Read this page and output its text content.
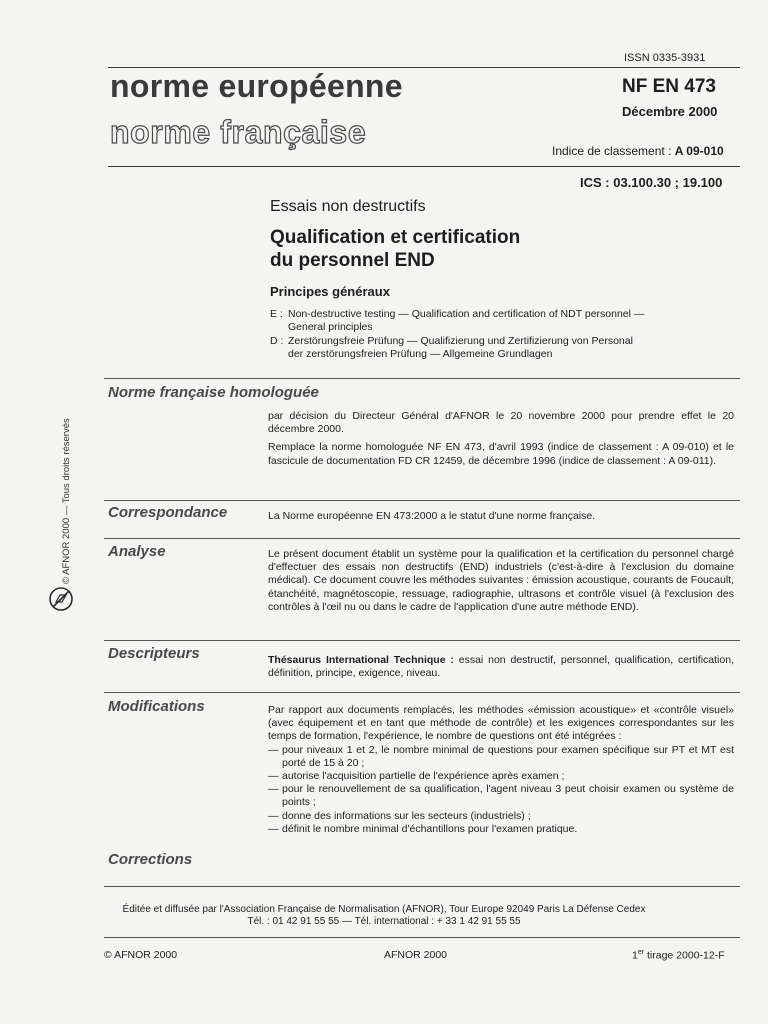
ISSN 0335-3931
norme européenne
norme française
NF EN 473
Décembre 2000
Indice de classement : A 09-010
ICS : 03.100.30 ; 19.100
Essais non destructifs
Qualification et certification
du personnel END
Principes généraux
E : Non-destructive testing — Qualification and certification of NDT personnel —
General principles
D : Zerstörungsfreie Prüfung — Qualifizierung und Zertifizierung von Personal
der zerstörungsfreien Prüfung — Allgemeine Grundlagen
Norme française homologuée

par décision du Directeur Général d'AFNOR le 20 novembre 2000 pour prendre effet le 20 décembre 2000.

Remplace la norme homologuée NF EN 473, d'avril 1993 (indice de classement : A 09-010) et le fascicule de documentation FD CR 12459, de décembre 1996 (indice de classement : A 09-011).

Correspondance	La Norme européenne EN 473:2000 a le statut d'une norme française.
Analyse	Le présent document établit un système pour la qualification et la certification du personnel chargé d'effectuer des essais non destructifs (END) industriels (c'est-à-dire à l'exclusion du domaine médical). Ce document couvre les méthodes suivantes : émission acoustique, courants de Foucault, étanchéité, magnétoscopie, ressuage, radiographie, ultrasons et contrôle visuel (à l'exclusion des contrôles à l'œil nu ou dans le cadre de l'application d'une autre méthode END).
Descripteurs	Thésaurus International Technique : essai non destructif, personnel, qualification, certification, définition, principe, exigence, niveau.
Modifications	Par rapport aux documents remplacés, les méthodes «émission acoustique» et «contrôle visuel» (avec équipement et en tant que méthode de contrôle) et les exigences correspondantes sur les temps de formation, l'expérience, le nombre de questions ont été intégrées :

— pour niveaux 1 et 2, le nombre minimal de questions pour examen spécifique sur PT et MT est porté de 15 à 20 ;
— autorise l'acquisition partielle de l'expérience après examen ;
— pour le renouvellement de sa qualification, l'agent niveau 3 peut choisir examen ou système de points ;
— donne des informations sur les secteurs (industriels) ;
— définit le nombre minimal d'échantillons pour l'examen pratique.
Corrections
© AFNOR 2000 — Tous droits réservés
Éditée et diffusée par l'Association Française de Normalisation (AFNOR), Tour Europe 92049 Paris La Défense Cedex
Tél. : 01 42 91 55 55 — Tél. international : + 33 1 42 91 55 55
© AFNOR 2000	AFNOR 2000	1er tirage 2000-12-F
